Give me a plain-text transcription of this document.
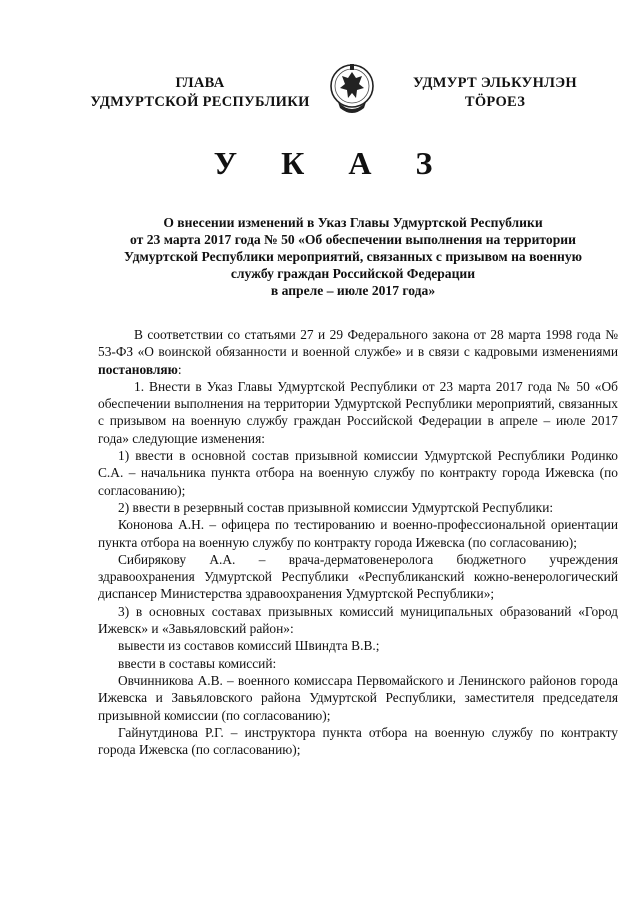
ГЛАВА
УДМУРТСКОЙ РЕСПУБЛИКИ
УДМУРТ ЭЛЬКУНЛЭН
ТӦРОЕЗ
У К А З
О внесении изменений в Указ Главы Удмуртской Республики
от 23 марта 2017 года № 50 «Об обеспечении выполнения на территории
Удмуртской Республики мероприятий, связанных с призывом на военную
службу граждан Российской Федерации
в апреле – июле 2017 года»

В соответствии со статьями 27 и 29 Федерального закона от 28 марта 1998 года № 53-ФЗ «О воинской обязанности и военной службе» и в связи с кадровыми изменениями постановляю:

1. Внести в Указ Главы Удмуртской Республики от 23 марта 2017 года № 50 «Об обеспечении выполнения на территории Удмуртской Республики мероприятий, связанных с призывом на военную службу граждан Российской Федерации в апреле – июле 2017 года» следующие изменения:

1) ввести в основной состав призывной комиссии Удмуртской Республики Родинко С.А. – начальника пункта отбора на военную службу по контракту города Ижевска (по согласованию);

2) ввести в резервный состав призывной комиссии Удмуртской Республики:

Кононова А.Н. – офицера по тестированию и военно-профессиональной ориентации пункта отбора на военную службу по контракту города Ижевска (по согласованию);

Сибирякову А.А. – врача-дерматовенеролога бюджетного учреждения здравоохранения Удмуртской Республики «Республиканский кожно-венерологический диспансер Министерства здравоохранения Удмуртской Республики»;

3) в основных составах призывных комиссий муниципальных образований «Город Ижевск» и «Завьяловский район»:

вывести из составов комиссий Швиндта В.В.;

ввести в составы комиссий:

Овчинникова А.В. – военного комиссара Первомайского и Ленинского районов города Ижевска и Завьяловского района Удмуртской Республики, заместителя председателя призывной комиссии (по согласованию);

Гайнутдинова Р.Г. – инструктора пункта отбора на военную службу по контракту города Ижевска (по согласованию);
